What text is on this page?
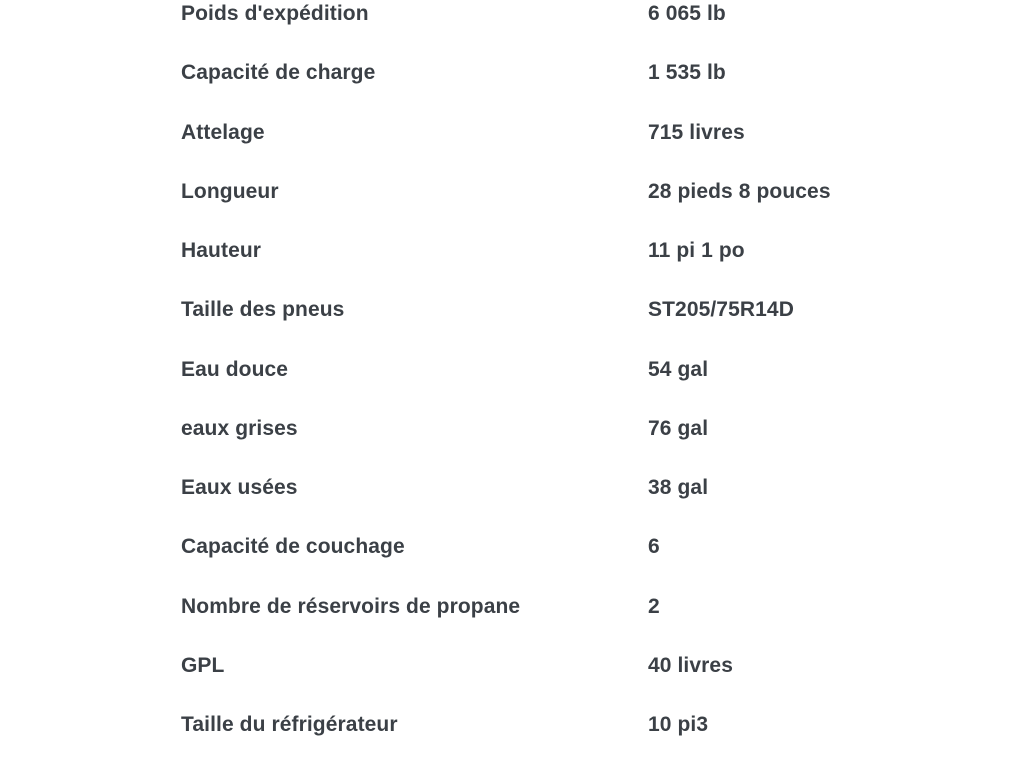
Poids d'expédition	6 065 lb
Capacité de charge	1 535 lb
Attelage	715 livres
Longueur	28 pieds 8 pouces
Hauteur	11 pi 1 po
Taille des pneus	ST205/75R14D
Eau douce	54 gal
eaux grises	76 gal
Eaux usées	38 gal
Capacité de couchage	6
Nombre de réservoirs de propane	2
GPL	40 livres
Taille du réfrigérateur	10 pi3
